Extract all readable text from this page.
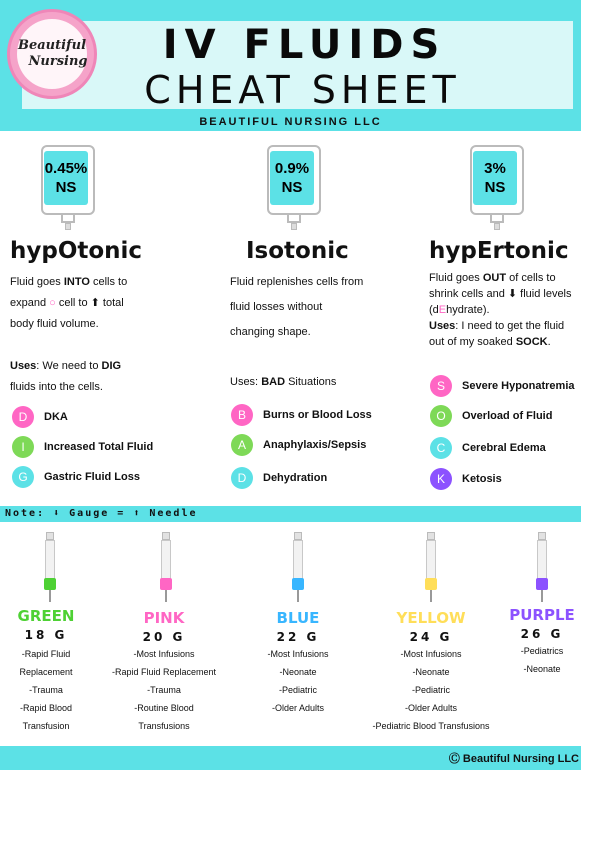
Beautiful
Nursing	IV FLUIDS
CHEAT SHEET
BEAUTIFUL NURSING LLC
0.45%
NS
hypOtonic
Fluid goes INTO cells to
expand ○ cell to ⬆ total
body fluid volume.

Uses: We need to DIG
fluids into the cells.
D	DKA
I	Increased Total Fluid
G	Gastric Fluid Loss
0.9%
NS
Isotonic
Fluid replenishes cells from
fluid losses without
changing shape.

Uses: BAD Situations
B	Burns or Blood Loss
A	Anaphylaxis/Sepsis
D	Dehydration
3%
NS
hypErtonic
Fluid goes OUT of cells to
shrink cells and ⬇ fluid levels
(dEhydrate).
Uses: I need to get the fluid
out of my soaked SOCK.
S	Severe Hyponatremia
O	Overload of Fluid
C	Cerebral Edema
K	Ketosis
Note: ⬇ Gauge = ⬆ Needle
GREEN
18 G
-Rapid Fluid
Replacement
-Trauma
-Rapid Blood
Transfusion
PINK
20 G
-Most Infusions
-Rapid Fluid Replacement
-Trauma
-Routine Blood
Transfusions
BLUE
22 G
-Most Infusions
-Neonate
-Pediatric
-Older Adults
YELLOW
24 G
-Most Infusions
-Neonate
-Pediatric
-Older Adults
-Pediatric Blood Transfusions
PURPLE
26 G
-Pediatrics
-Neonate
Ⓒ Beautiful Nursing LLC
